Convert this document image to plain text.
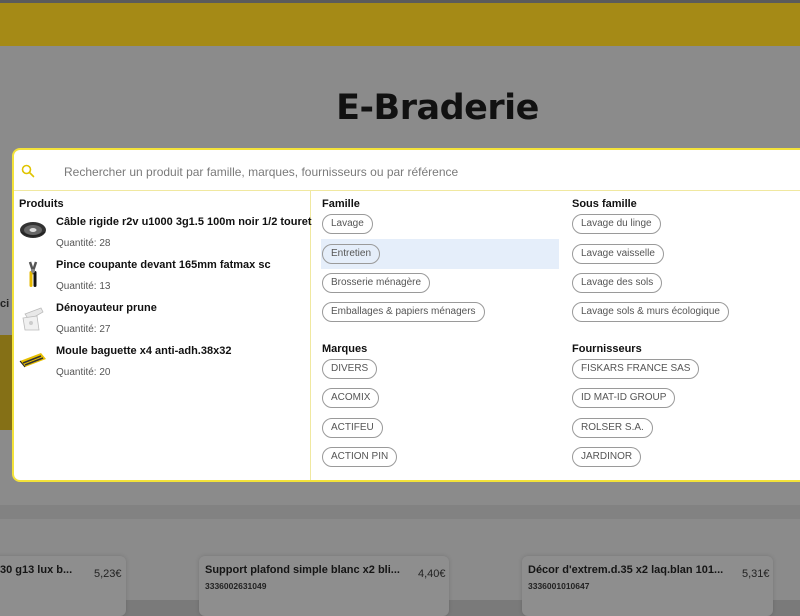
E-Braderie
ci
30 g13 lux b... 5,23€	Support plafond simple blanc x2 bli...
3336002631049
4,40€	Décor d'extrem.d.35 x2 laq.blan 101...
3336001010647
5,31€
Rechercher un produit par famille, marques, fournisseurs ou par référence
Produits
Câble rigide r2v u1000 3g1.5 100m noir 1/2 touret
Quantité: 28
Pince coupante devant 165mm fatmax sc
Quantité: 13
Dénoyauteur prune
Quantité: 27
Moule baguette x4 anti-adh.38x32
Quantité: 20
Famille
Lavage
Entretien
Brosserie ménagère
Emballages & papiers ménagers
Sous famille
Lavage du linge
Lavage vaisselle
Lavage des sols
Lavage sols & murs écologique
Marques
DIVERS
ACOMIX
ACTIFEU
ACTION PIN
Fournisseurs
FISKARS FRANCE SAS
ID MAT-ID GROUP
ROLSER S.A.
JARDINOR
